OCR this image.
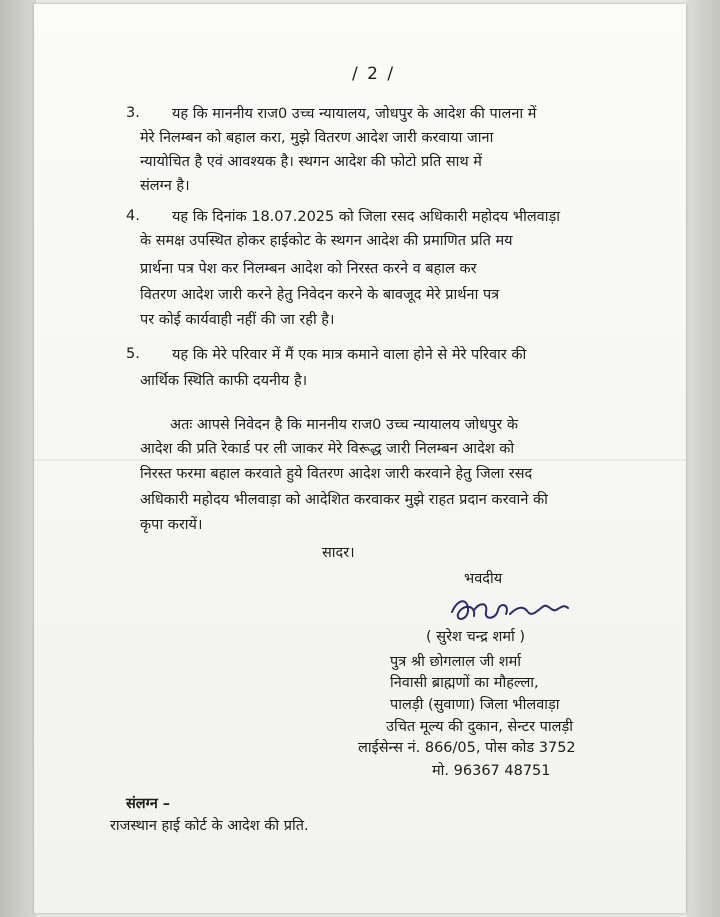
/ 2 /
3. यह कि माननीय राज0 उच्च न्यायालय, जोधपुर के आदेश की पालना में
मेरे निलम्बन को बहाल करा, मुझे वितरण आदेश जारी करवाया जाना
न्यायोचित है एवं आवश्यक है। स्थगन आदेश की फोटो प्रति साथ में
संलग्न है।
4. यह कि दिनांक 18.07.2025 को जिला रसद अधिकारी महोदय भीलवाड़ा
के समक्ष उपस्थित होकर हाईकोट के स्थगन आदेश की प्रमाणित प्रति मय
प्रार्थना पत्र पेश कर निलम्बन आदेश को निरस्त करने व बहाल कर
वितरण आदेश जारी करने हेतु निवेदन करने के बावजूद मेरे प्रार्थना पत्र
पर कोई कार्यवाही नहीं की जा रही है।
5. यह कि मेरे परिवार में मैं एक मात्र कमाने वाला होने से मेरे परिवार की
आर्थिक स्थिति काफी दयनीय है।
अतः आपसे निवेदन है कि माननीय राज0 उच्च न्यायालय जोधपुर के
आदेश की प्रति रेकार्ड पर ली जाकर मेरे विरूद्ध जारी निलम्बन आदेश को
निरस्त फरमा बहाल करवाते हुये वितरण आदेश जारी करवाने हेतु जिला रसद
अधिकारी महोदय भीलवाड़ा को आदेशित करवाकर मुझे राहत प्रदान करवाने की
कृपा करायें।
सादर।
भवदीय
( सुरेश चन्द्र शर्मा )
पुत्र श्री छोगलाल जी शर्मा
निवासी ब्राह्मणों का मौहल्ला,
पालड़ी (सुवाणा) जिला भीलवाड़ा
उचित मूल्य की दुकान, सेन्टर पालड़ी
लाईसेन्स नं. 866/05, पोस कोड 3752
मो. 96367 48751
संलग्न –
राजस्थान हाई कोर्ट के आदेश की प्रति.
